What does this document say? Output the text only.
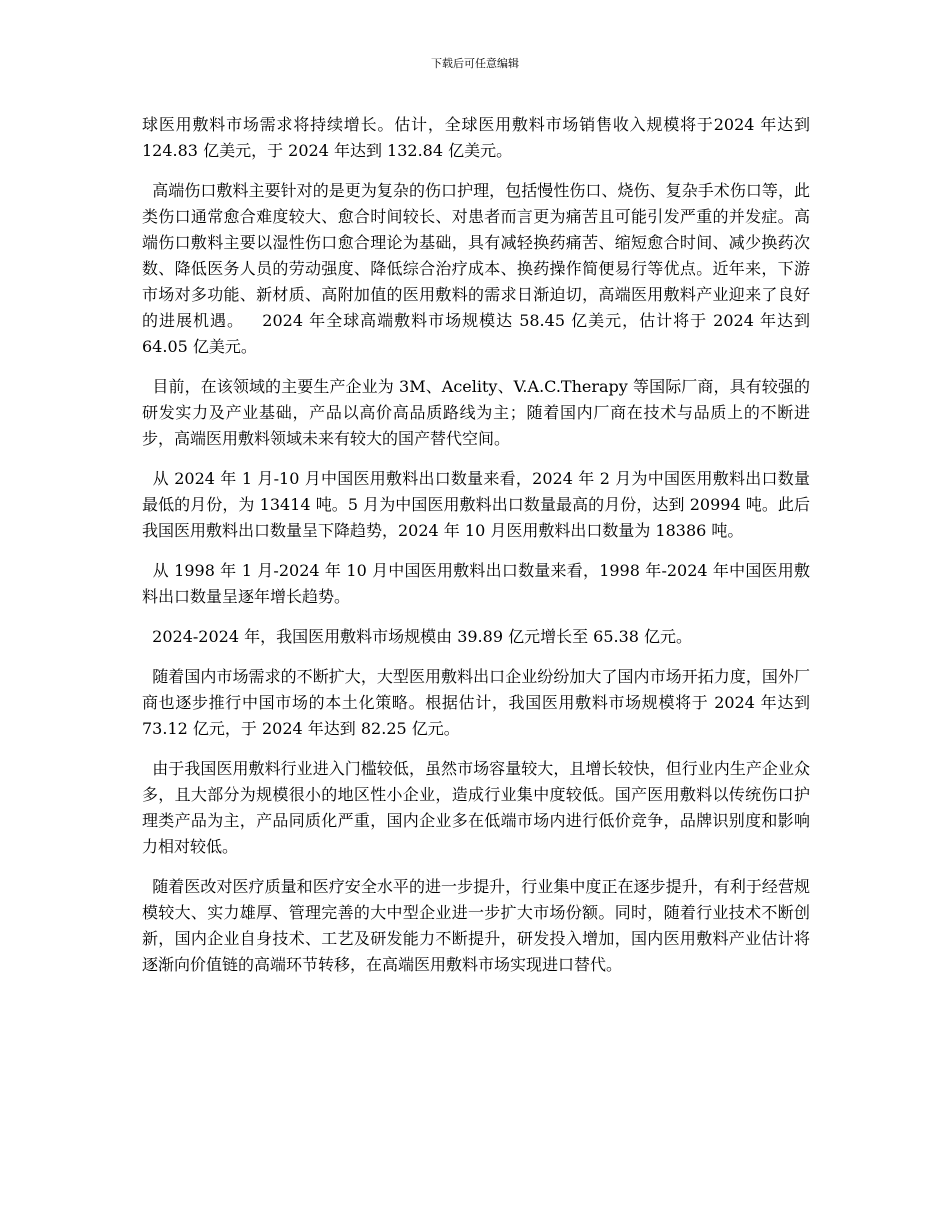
下载后可任意编辑

球医用敷料市场需求将持续增长。估计，全球医用敷料市场销售收入规模将于2024 年达到 124.83 亿美元，于 2024 年达到 132.84 亿美元。

高端伤口敷料主要针对的是更为复杂的伤口护理，包括慢性伤口、烧伤、复杂手术伤口等，此类伤口通常愈合难度较大、愈合时间较长、对患者而言更为痛苦且可能引发严重的并发症。高端伤口敷料主要以湿性伤口愈合理论为基础，具有减轻换药痛苦、缩短愈合时间、减少换药次数、降低医务人员的劳动强度、降低综合治疗成本、换药操作简便易行等优点。近年来，下游市场对多功能、新材质、高附加值的医用敷料的需求日渐迫切，高端医用敷料产业迎来了良好的进展机遇。   2024 年全球高端敷料市场规模达 58.45 亿美元，估计将于 2024 年达到 64.05 亿美元。

目前，在该领域的主要生产企业为 3M、Acelity、V.A.C.Therapy 等国际厂商，具有较强的研发实力及产业基础，产品以高价高品质路线为主；随着国内厂商在技术与品质上的不断进步，高端医用敷料领域未来有较大的国产替代空间。

从 2024 年 1 月-10 月中国医用敷料出口数量来看，2024 年 2 月为中国医用敷料出口数量最低的月份，为 13414 吨。5 月为中国医用敷料出口数量最高的月份，达到 20994 吨。此后我国医用敷料出口数量呈下降趋势，2024 年 10 月医用敷料出口数量为 18386 吨。

从 1998 年 1 月-2024 年 10 月中国医用敷料出口数量来看，1998 年-2024 年中国医用敷料出口数量呈逐年增长趋势。

2024-2024 年，我国医用敷料市场规模由 39.89 亿元增长至 65.38 亿元。

随着国内市场需求的不断扩大，大型医用敷料出口企业纷纷加大了国内市场开拓力度，国外厂商也逐步推行中国市场的本土化策略。根据估计，我国医用敷料市场规模将于 2024 年达到 73.12 亿元，于 2024 年达到 82.25 亿元。

由于我国医用敷料行业进入门槛较低，虽然市场容量较大，且增长较快，但行业内生产企业众多，且大部分为规模很小的地区性小企业，造成行业集中度较低。国产医用敷料以传统伤口护理类产品为主，产品同质化严重，国内企业多在低端市场内进行低价竞争，品牌识别度和影响力相对较低。

随着医改对医疗质量和医疗安全水平的进一步提升，行业集中度正在逐步提升，有利于经营规模较大、实力雄厚、管理完善的大中型企业进一步扩大市场份额。同时，随着行业技术不断创新，国内企业自身技术、工艺及研发能力不断提升，研发投入增加，国内医用敷料产业估计将逐渐向价值链的高端环节转移，在高端医用敷料市场实现进口替代。
